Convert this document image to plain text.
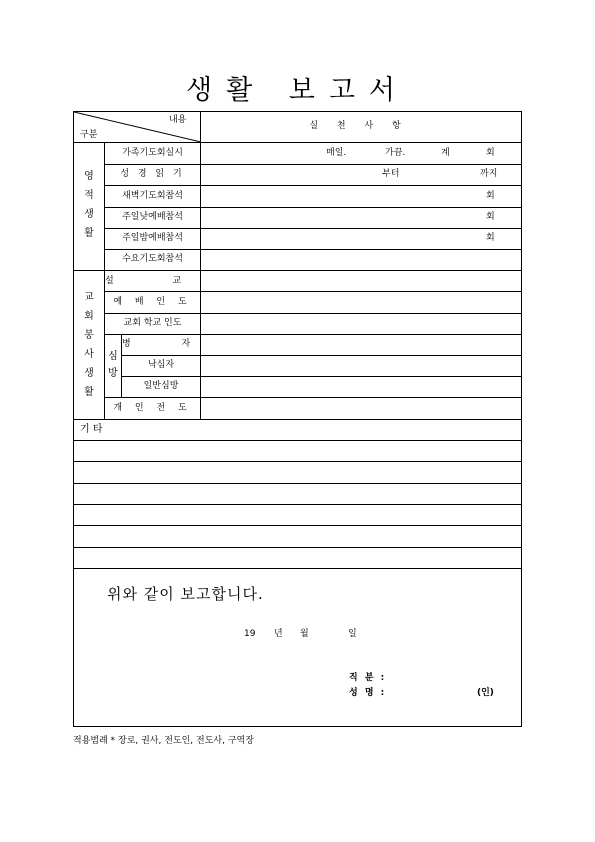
생활 보고서
내용
구분
실 천 사 항
영
적
생
활
가족기도회실시	매일.	가끔.	계	회
성 경 읽 기	부터	까지
새벽기도회참석	회
주일낮예배참석	회
주일밤예배참석	회
수요기도회참석
교
회
봉
사
생
활
설 교
예 배 인 도
교회 학교 인도
심
방
병 자
낙심자
일반심방
개 인 전 도
기 타
위와 같이 보고합니다.
19 년 월	일
직 분 :
성 명 :	(인)
적용범례 * 장로, 권사, 전도인, 전도사, 구역장
